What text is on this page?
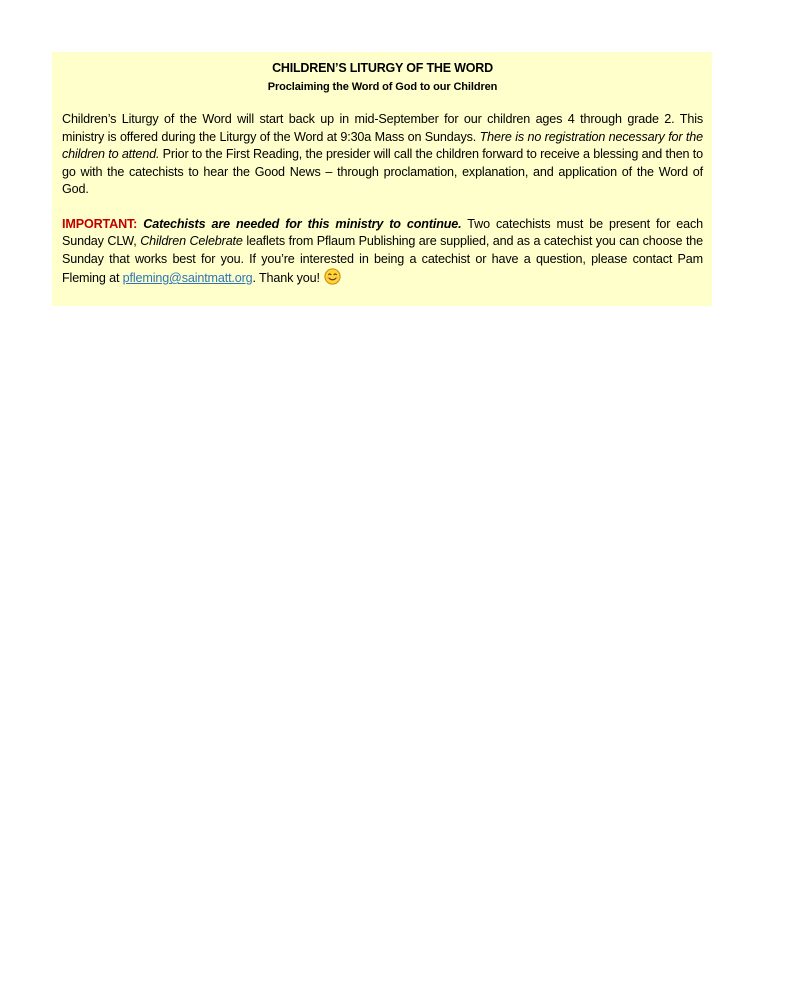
CHILDREN’S LITURGY OF THE WORD
Proclaiming the Word of God to our Children

Children’s Liturgy of the Word will start back up in mid-September for our children ages 4 through grade 2. This ministry is offered during the Liturgy of the Word at 9:30a Mass on Sundays. There is no registration necessary for the children to attend. Prior to the First Reading, the presider will call the children forward to receive a blessing and then to go with the catechists to hear the Good News – through proclamation, explanation, and application of the Word of God.

IMPORTANT: Catechists are needed for this ministry to continue. Two catechists must be present for each Sunday CLW, Children Celebrate leaflets from Pflaum Publishing are supplied, and as a catechist you can choose the Sunday that works best for you. If you’re interested in being a catechist or have a question, please contact Pam Fleming at pfleming@saintmatt.org. Thank you!
